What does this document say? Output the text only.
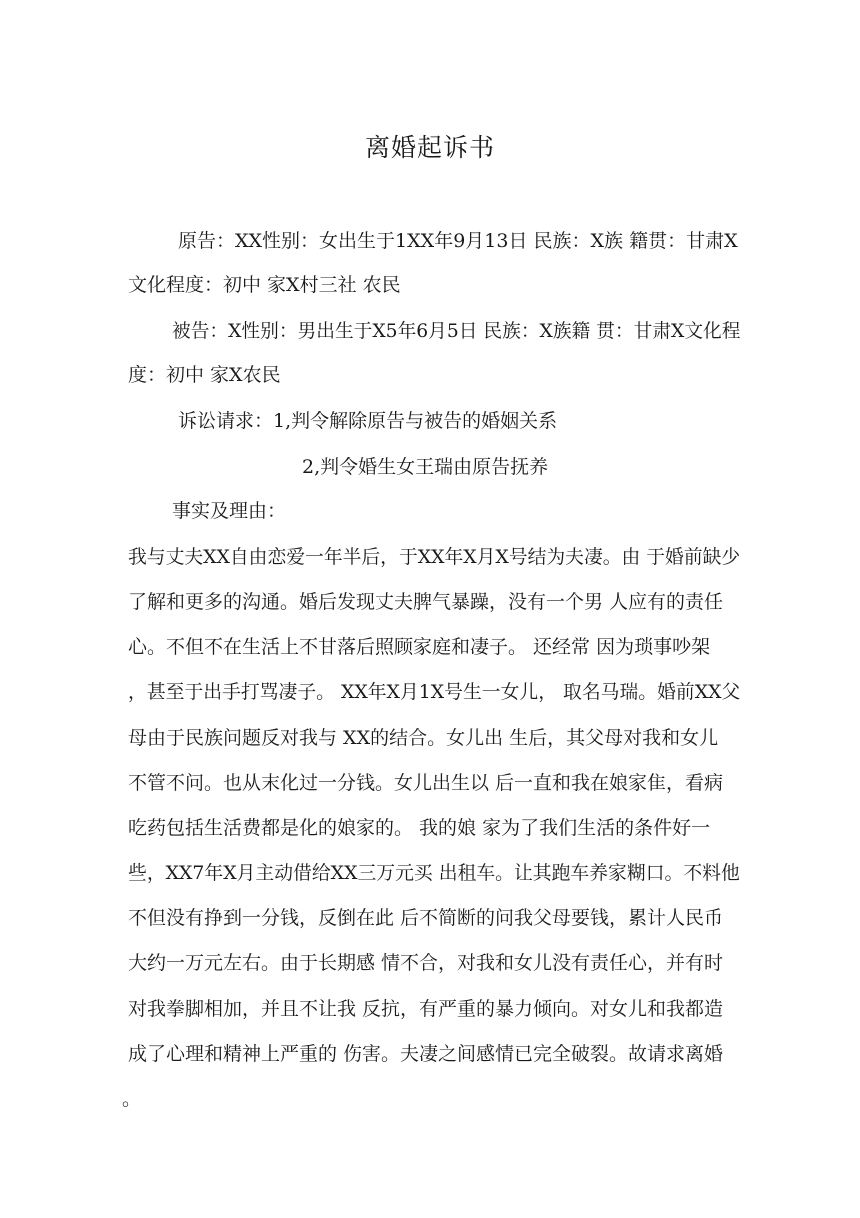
离婚起诉书
原告：XX性别：女出生于1XX年9月13日 民族：X族 籍贯：甘肃X
文化程度：初中 家X村三社 农民
被告：X性别：男出生于X5年6月5日 民族：X族籍 贯：甘肃X文化程
度：初中 家X农民
诉讼请求：1,判令解除原告与被告的婚姻关系
2,判令婚生女王瑞由原告抚养
事实及理由：
我与丈夫XX自由恋爱一年半后，于XX年X月X号结为夫凄。由 于婚前缺少
了解和更多的沟通。婚后发现丈夫脾气暴躁，没有一个男 人应有的责任
心。不但不在生活上不甘落后照顾家庭和凄子。 还经常 因为琐事吵架
，甚至于出手打骂凄子。 XX年X月1X号生一女儿， 取名马瑞。婚前XX父
母由于民族问题反对我与 XX的结合。女儿出 生后，其父母对我和女儿
不管不问。也从末化过一分钱。女儿出生以 后一直和我在娘家隹，看病
吃药包括生活费都是化的娘家的。 我的娘 家为了我们生活的条件好一
些，XX7年X月主动借给XX三万元买 出租车。让其跑车养家糊口。不料他
不但没有挣到一分钱，反倒在此 后不简断的问我父母要钱，累计人民币
大约一万元左右。由于长期感 情不合，对我和女儿没有责任心，并有时
对我拳脚相加，并且不让我 反抗，有严重的暴力倾向。对女儿和我都造
成了心理和精神上严重的 伤害。夫凄之间感情已完全破裂。故请求离婚
。
